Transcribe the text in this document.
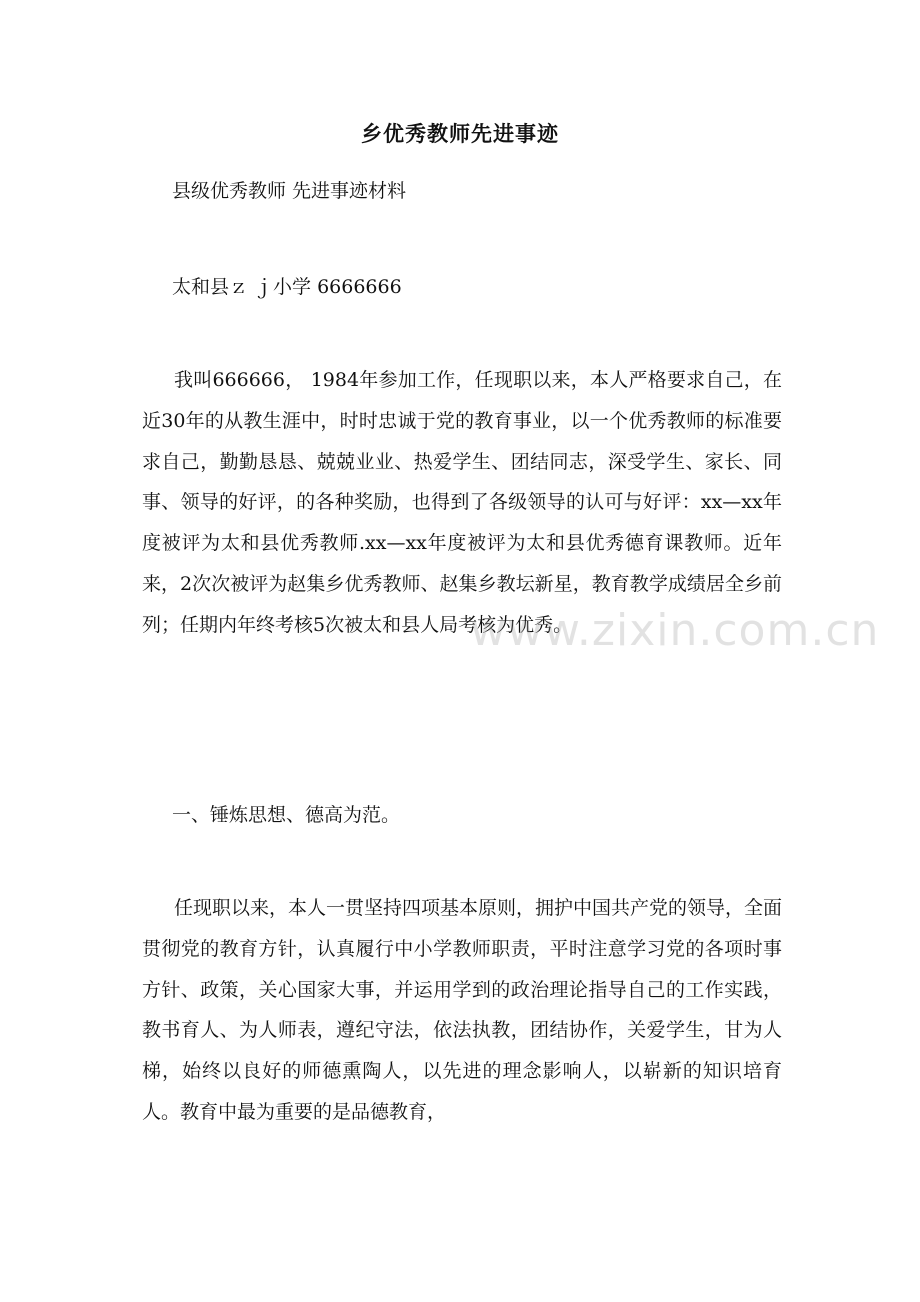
乡优秀教师先进事迹
县级优秀教师 先进事迹材料
太和县ｚ ｊ小学 6666666

我叫666666， 1984年参加工作，任现职以来，本人严格要求自己，在近30年的从教生涯中，时时忠诚于党的教育事业，以一个优秀教师的标准要求自己，勤勤恳恳、兢兢业业、热爱学生、团结同志，深受学生、家长、同事、领导的好评，的各种奖励，也得到了各级领导的认可与好评：xx—xx年度被评为太和县优秀教师.xx—xx年度被评为太和县优秀德育课教师。近年来，2次次被评为赵集乡优秀教师、赵集乡教坛新星，教育教学成绩居全乡前列；任期内年终考核5次被太和县人局考核为优秀。

一、锤炼思想、德高为范。

任现职以来，本人一贯坚持四项基本原则，拥护中国共产党的领导，全面贯彻党的教育方针，认真履行中小学教师职责，平时注意学习党的各项时事方针、政策，关心国家大事，并运用学到的政治理论指导自己的工作实践，教书育人、为人师表，遵纪守法，依法执教，团结协作，关爱学生，甘为人梯，始终以良好的师德熏陶人，以先进的理念影响人，以崭新的知识培育人。教育中最为重要的是品德教育，

www.zixin.com.cn
